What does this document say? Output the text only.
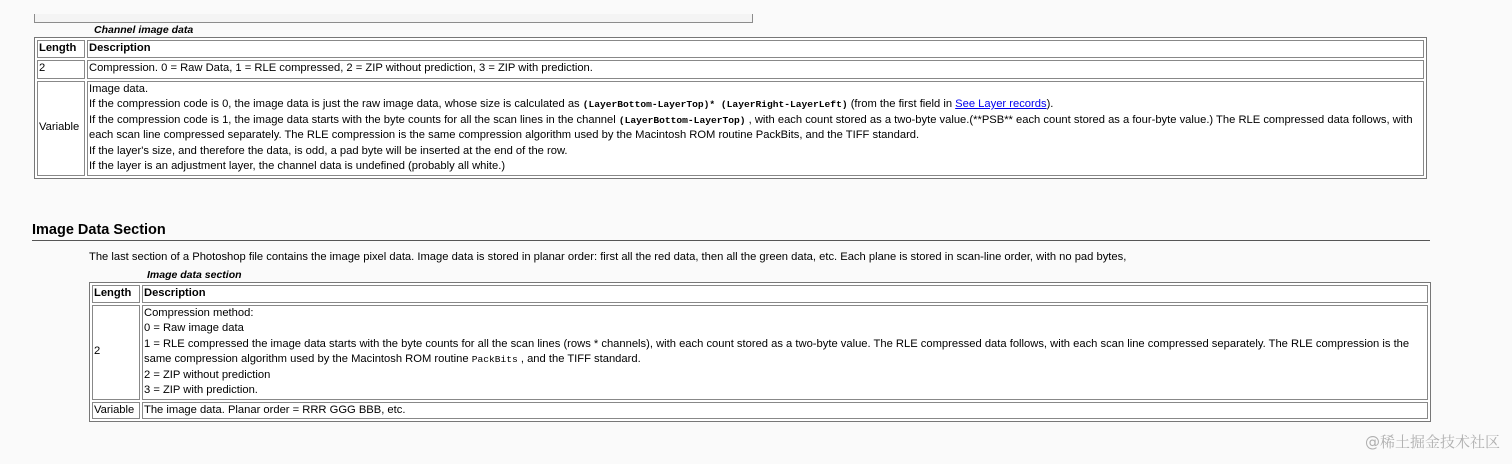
Channel image data
Length	Description
2	Compression. 0 = Raw Data, 1 = RLE compressed, 2 = ZIP without prediction, 3 = ZIP with prediction.
Variable	Image data.
If the compression code is 0, the image data is just the raw image data, whose size is calculated as (LayerBottom-LayerTop)* (LayerRight-LayerLeft) (from the first field in See Layer records).
If the compression code is 1, the image data starts with the byte counts for all the scan lines in the channel (LayerBottom-LayerTop) , with each count stored as a two-byte value.(**PSB** each count stored as a four-byte value.) The RLE compressed data follows, with each scan line compressed separately. The RLE compression is the same compression algorithm used by the Macintosh ROM routine PackBits, and the TIFF standard.
If the layer's size, and therefore the data, is odd, a pad byte will be inserted at the end of the row.
If the layer is an adjustment layer, the channel data is undefined (probably all white.)
Image Data Section
The last section of a Photoshop file contains the image pixel data. Image data is stored in planar order: first all the red data, then all the green data, etc. Each plane is stored in scan-line order, with no pad bytes,
Image data section
Length	Description
2	Compression method:
0 = Raw image data
1 = RLE compressed the image data starts with the byte counts for all the scan lines (rows * channels), with each count stored as a two-byte value. The RLE compressed data follows, with each scan line compressed separately. The RLE compression is the same compression algorithm used by the Macintosh ROM routine PackBits , and the TIFF standard.
2 = ZIP without prediction
3 = ZIP with prediction.

Variable	The image data. Planar order = RRR GGG BBB, etc.
@稀土掘金技术社区
